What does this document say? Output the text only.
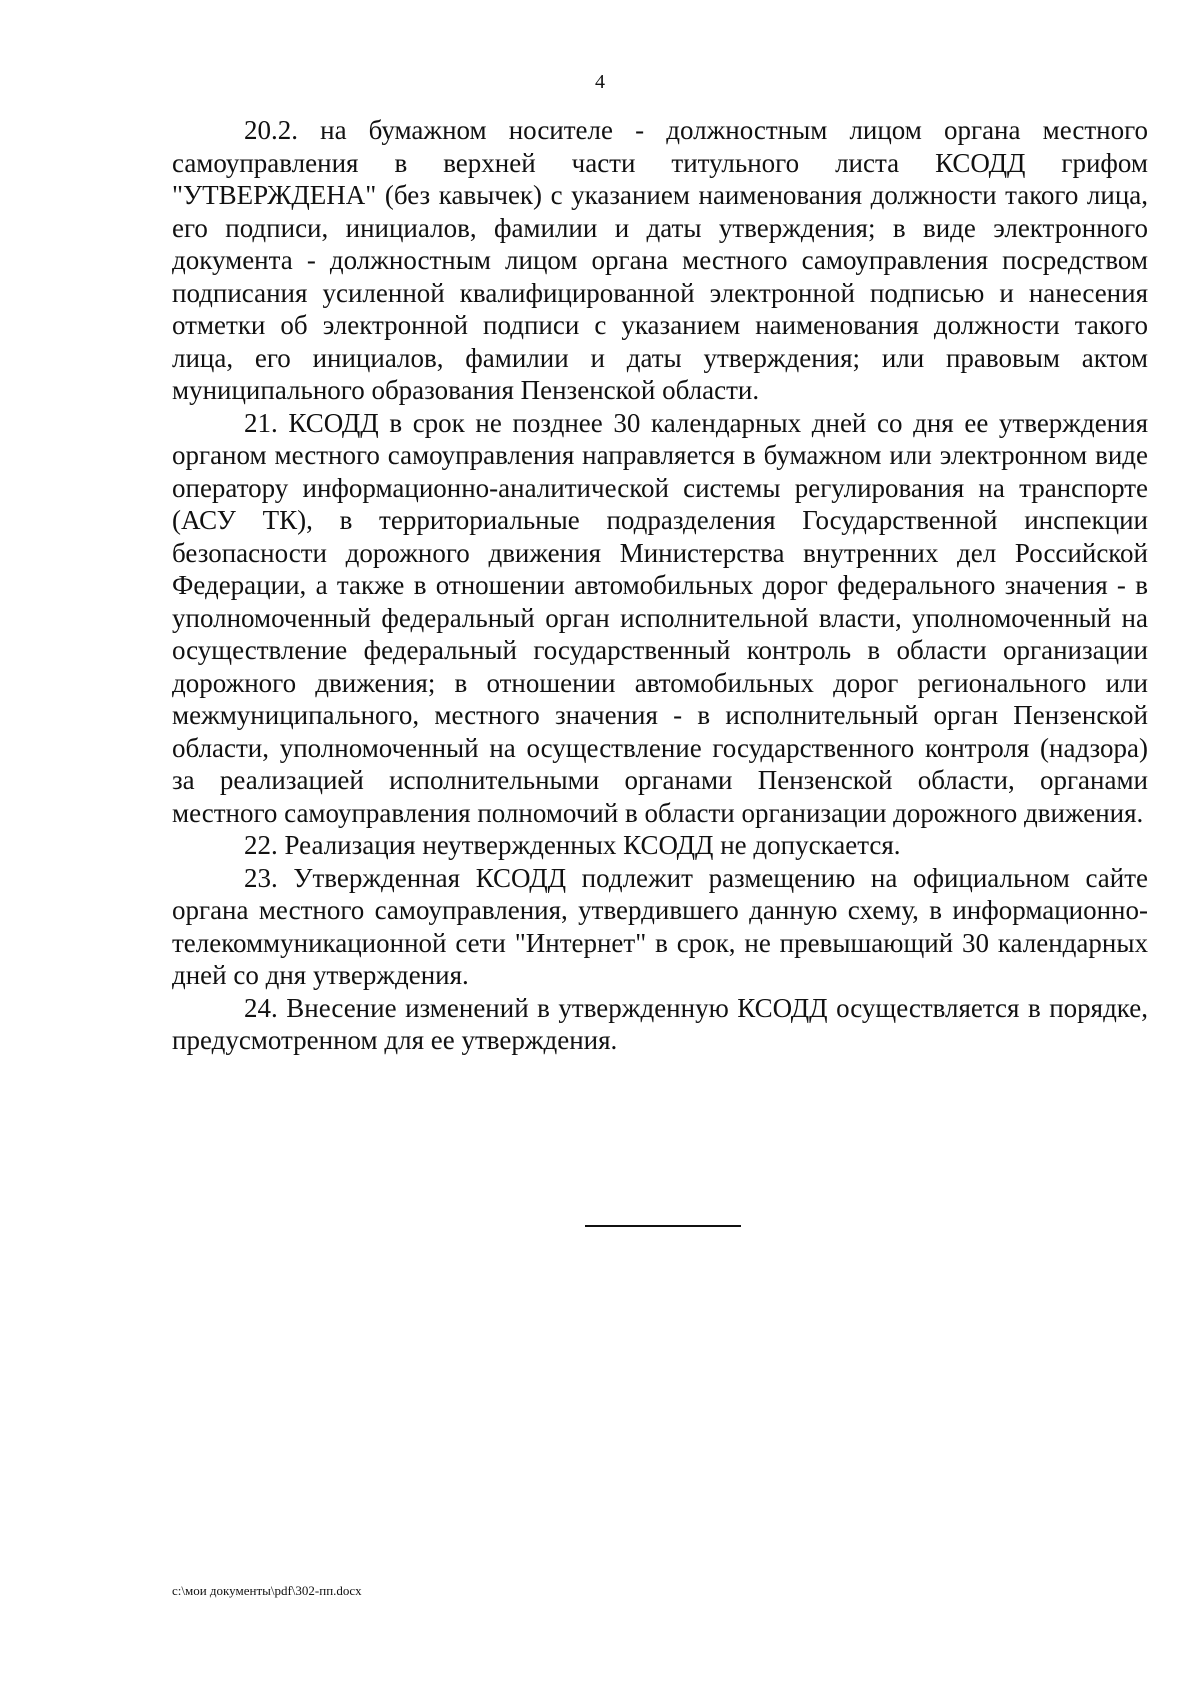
4

20.2. на бумажном носителе - должностным лицом органа местного самоуправления в верхней части титульного листа КСОДД грифом "УТВЕРЖДЕНА" (без кавычек) с указанием наименования должности такого лица, его подписи, инициалов, фамилии и даты утверждения; в виде электронного документа - должностным лицом органа местного самоуправления посредством подписания усиленной квалифицированной электронной подписью и нанесения отметки об электронной подписи с указанием наименования должности такого лица, его инициалов, фамилии и даты утверждения; или правовым актом муниципального образования Пензенской области.

21. КСОДД в срок не позднее 30 календарных дней со дня ее утверждения органом местного самоуправления направляется в бумажном или электронном виде оператору информационно-аналитической системы регулирования на транспорте (АСУ ТК), в территориальные подразделения Государственной инспекции безопасности дорожного движения Министерства внутренних дел Российской Федерации, а также в отношении автомобильных дорог федерального значения - в уполномоченный федеральный орган исполнительной власти, уполномоченный на осуществление федеральный государственный контроль в области организации дорожного движения; в отношении автомобильных дорог регионального или межмуниципального, местного значения - в исполнительный орган Пензенской области, уполномоченный на осуществление государственного контроля (надзора) за реализацией исполнительными органами Пензенской области, органами местного самоуправления полномочий в области организации дорожного движения.

22. Реализация неутвержденных КСОДД не допускается.

23. Утвержденная КСОДД подлежит размещению на официальном сайте органа местного самоуправления, утвердившего данную схему, в информационно-телекоммуникационной сети "Интернет" в срок, не превышающий 30 календарных дней со дня утверждения.

24. Внесение изменений в утвержденную КСОДД осуществляется в порядке, предусмотренном для ее утверждения.

c:\мои документы\pdf\302-пп.docx
